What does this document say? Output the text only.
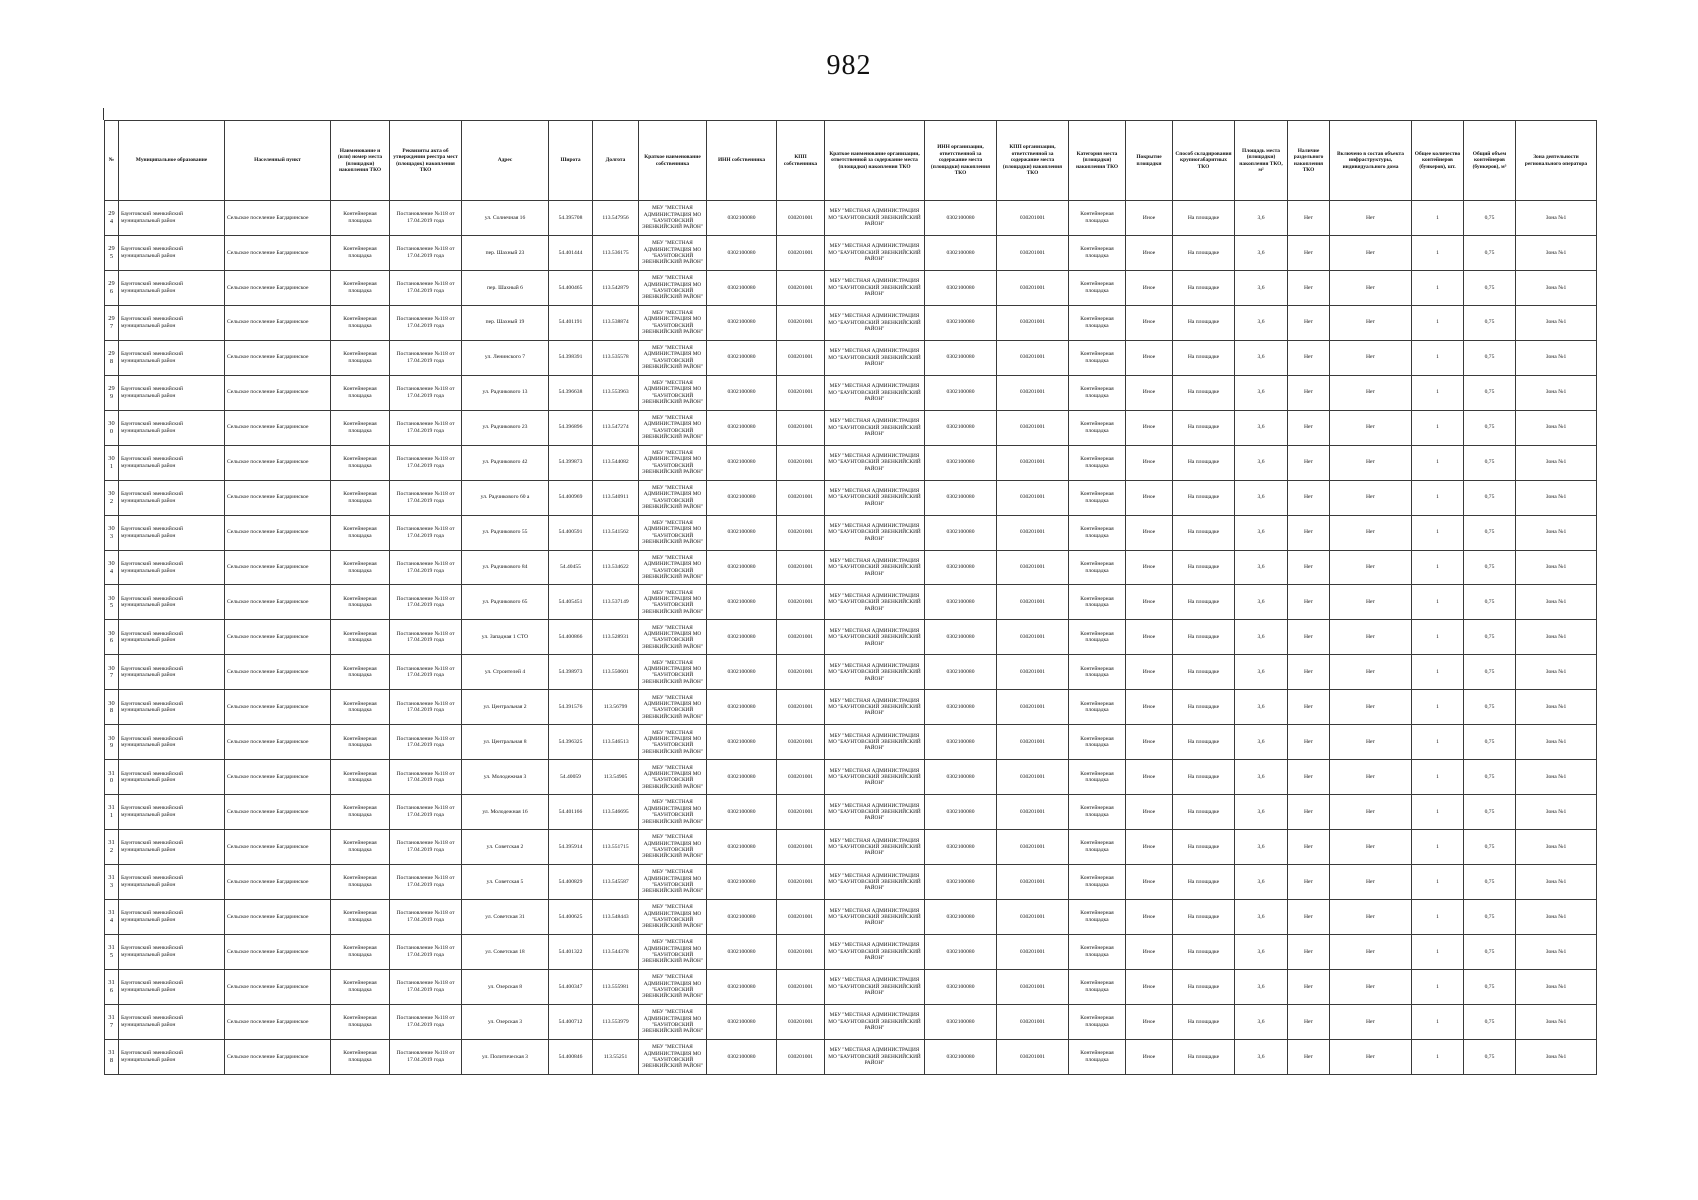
982
№	Муниципальное образование	Населенный пункт	Наименование и (или) номер места (площадки) накопления ТКО	Реквизиты акта об утверждении реестра мест (площадок) накопления ТКО	Адрес	Широта	Долгота	Краткое наименование собственника	ИНН собственника	КПП собственника	Краткое наименование организации, ответственной за содержание места (площадки) накопления ТКО	ИНН организации, ответственной за содержание места (площадки) накопления ТКО	КПП организации, ответственной за содержание места (площадки) накопления ТКО	Категория места (площадки) накопления ТКО	Покрытие площадки	Способ складирования крупногабаритных ТКО	Площадь места (площадки) накопления ТКО, м²	Наличие раздельного накопления ТКО	Включено в состав объекта инфраструктуры, индивидуального дома	Общее количество контейнеров (бункеров), шт.	Общий объем контейнеров (бункеров), м³	Зона деятельности регионального оператора
294	Баунтовский эвенкийский муниципальный район	Сельское поселение Багдаринское	Контейнерная площадка	Постановление №118 от 17.04.2019 года	ул. Солнечная 16	54.395708	113.547956	МБУ "МЕСТНАЯ АДМИНИСТРАЦИЯ МО "БАУНТОВСКИЙ ЭВЕНКИЙСКИЙ РАЙОН"	0302100080	030201001	МБУ "МЕСТНАЯ АДМИНИСТРАЦИЯ МО "БАУНТОВСКИЙ ЭВЕНКИЙСКИЙ РАЙОН"	0302100080	030201001	Контейнерная площадка	Иное	На площадке	3,6	Нет	Нет	1	0,75	Зона №1
295	Баунтовский эвенкийский муниципальный район	Сельское поселение Багдаринское	Контейнерная площадка	Постановление №118 от 17.04.2019 года	пер. Шахный 23	54.401444	113.536175	МБУ "МЕСТНАЯ АДМИНИСТРАЦИЯ МО "БАУНТОВСКИЙ ЭВЕНКИЙСКИЙ РАЙОН"	0302100080	030201001	МБУ "МЕСТНАЯ АДМИНИСТРАЦИЯ МО "БАУНТОВСКИЙ ЭВЕНКИЙСКИЙ РАЙОН"	0302100080	030201001	Контейнерная площадка	Иное	На площадке	3,6	Нет	Нет	1	0,75	Зона №1
296	Баунтовский эвенкийский муниципальный район	Сельское поселение Багдаринское	Контейнерная площадка	Постановление №118 от 17.04.2019 года	пер. Шахный 6	54.400465	113.542879	МБУ "МЕСТНАЯ АДМИНИСТРАЦИЯ МО "БАУНТОВСКИЙ ЭВЕНКИЙСКИЙ РАЙОН"	0302100080	030201001	МБУ "МЕСТНАЯ АДМИНИСТРАЦИЯ МО "БАУНТОВСКИЙ ЭВЕНКИЙСКИЙ РАЙОН"	0302100080	030201001	Контейнерная площадка	Иное	На площадке	3,6	Нет	Нет	1	0,75	Зона №1
297	Баунтовский эвенкийский муниципальный район	Сельское поселение Багдаринское	Контейнерная площадка	Постановление №118 от 17.04.2019 года	пер. Шахный 19	54.401191	113.538874	МБУ "МЕСТНАЯ АДМИНИСТРАЦИЯ МО "БАУНТОВСКИЙ ЭВЕНКИЙСКИЙ РАЙОН"	0302100080	030201001	МБУ "МЕСТНАЯ АДМИНИСТРАЦИЯ МО "БАУНТОВСКИЙ ЭВЕНКИЙСКИЙ РАЙОН"	0302100080	030201001	Контейнерная площадка	Иное	На площадке	3,6	Нет	Нет	1	0,75	Зона №1
298	Баунтовский эвенкийский муниципальный район	Сельское поселение Багдаринское	Контейнерная площадка	Постановление №118 от 17.04.2019 года	ул. Ленинского 7	54.398391	113.535578	МБУ "МЕСТНАЯ АДМИНИСТРАЦИЯ МО "БАУНТОВСКИЙ ЭВЕНКИЙСКИЙ РАЙОН"	0302100080	030201001	МБУ "МЕСТНАЯ АДМИНИСТРАЦИЯ МО "БАУНТОВСКИЙ ЭВЕНКИЙСКИЙ РАЙОН"	0302100080	030201001	Контейнерная площадка	Иное	На площадке	3,6	Нет	Нет	1	0,75	Зона №1
299	Баунтовский эвенкийский муниципальный район	Сельское поселение Багдаринское	Контейнерная площадка	Постановление №118 от 17.04.2019 года	ул. Радчикового 13	54.396638	113.553963	МБУ "МЕСТНАЯ АДМИНИСТРАЦИЯ МО "БАУНТОВСКИЙ ЭВЕНКИЙСКИЙ РАЙОН"	0302100080	030201001	МБУ "МЕСТНАЯ АДМИНИСТРАЦИЯ МО "БАУНТОВСКИЙ ЭВЕНКИЙСКИЙ РАЙОН"	0302100080	030201001	Контейнерная площадка	Иное	На площадке	3,6	Нет	Нет	1	0,75	Зона №1
300	Баунтовский эвенкийский муниципальный район	Сельское поселение Багдаринское	Контейнерная площадка	Постановление №118 от 17.04.2019 года	ул. Радчикового 23	54.396896	113.547274	МБУ "МЕСТНАЯ АДМИНИСТРАЦИЯ МО "БАУНТОВСКИЙ ЭВЕНКИЙСКИЙ РАЙОН"	0302100080	030201001	МБУ "МЕСТНАЯ АДМИНИСТРАЦИЯ МО "БАУНТОВСКИЙ ЭВЕНКИЙСКИЙ РАЙОН"	0302100080	030201001	Контейнерная площадка	Иное	На площадке	3,6	Нет	Нет	1	0,75	Зона №1
301	Баунтовский эвенкийский муниципальный район	Сельское поселение Багдаринское	Контейнерная площадка	Постановление №118 от 17.04.2019 года	ул. Радчикового 42	54.399873	113.544082	МБУ "МЕСТНАЯ АДМИНИСТРАЦИЯ МО "БАУНТОВСКИЙ ЭВЕНКИЙСКИЙ РАЙОН"	0302100080	030201001	МБУ "МЕСТНАЯ АДМИНИСТРАЦИЯ МО "БАУНТОВСКИЙ ЭВЕНКИЙСКИЙ РАЙОН"	0302100080	030201001	Контейнерная площадка	Иное	На площадке	3,6	Нет	Нет	1	0,75	Зона №1
302	Баунтовский эвенкийский муниципальный район	Сельское поселение Багдаринское	Контейнерная площадка	Постановление №118 от 17.04.2019 года	ул. Радчикового 60 а	54.400969	113.540911	МБУ "МЕСТНАЯ АДМИНИСТРАЦИЯ МО "БАУНТОВСКИЙ ЭВЕНКИЙСКИЙ РАЙОН"	0302100080	030201001	МБУ "МЕСТНАЯ АДМИНИСТРАЦИЯ МО "БАУНТОВСКИЙ ЭВЕНКИЙСКИЙ РАЙОН"	0302100080	030201001	Контейнерная площадка	Иное	На площадке	3,6	Нет	Нет	1	0,75	Зона №1
303	Баунтовский эвенкийский муниципальный район	Сельское поселение Багдаринское	Контейнерная площадка	Постановление №118 от 17.04.2019 года	ул. Радчикового 55	54.400591	113.541562	МБУ "МЕСТНАЯ АДМИНИСТРАЦИЯ МО "БАУНТОВСКИЙ ЭВЕНКИЙСКИЙ РАЙОН"	0302100080	030201001	МБУ "МЕСТНАЯ АДМИНИСТРАЦИЯ МО "БАУНТОВСКИЙ ЭВЕНКИЙСКИЙ РАЙОН"	0302100080	030201001	Контейнерная площадка	Иное	На площадке	3,6	Нет	Нет	1	0,75	Зона №1
304	Баунтовский эвенкийский муниципальный район	Сельское поселение Багдаринское	Контейнерная площадка	Постановление №118 от 17.04.2019 года	ул. Радчикового 84	54.40455	113.534622	МБУ "МЕСТНАЯ АДМИНИСТРАЦИЯ МО "БАУНТОВСКИЙ ЭВЕНКИЙСКИЙ РАЙОН"	0302100080	030201001	МБУ "МЕСТНАЯ АДМИНИСТРАЦИЯ МО "БАУНТОВСКИЙ ЭВЕНКИЙСКИЙ РАЙОН"	0302100080	030201001	Контейнерная площадка	Иное	На площадке	3,6	Нет	Нет	1	0,75	Зона №1
305	Баунтовский эвенкийский муниципальный район	Сельское поселение Багдаринское	Контейнерная площадка	Постановление №118 от 17.04.2019 года	ул. Радчикового 65	54.405451	113.537149	МБУ "МЕСТНАЯ АДМИНИСТРАЦИЯ МО "БАУНТОВСКИЙ ЭВЕНКИЙСКИЙ РАЙОН"	0302100080	030201001	МБУ "МЕСТНАЯ АДМИНИСТРАЦИЯ МО "БАУНТОВСКИЙ ЭВЕНКИЙСКИЙ РАЙОН"	0302100080	030201001	Контейнерная площадка	Иное	На площадке	3,6	Нет	Нет	1	0,75	Зона №1
306	Баунтовский эвенкийский муниципальный район	Сельское поселение Багдаринское	Контейнерная площадка	Постановление №118 от 17.04.2019 года	ул. Западная 1 СТО	54.400866	113.528931	МБУ "МЕСТНАЯ АДМИНИСТРАЦИЯ МО "БАУНТОВСКИЙ ЭВЕНКИЙСКИЙ РАЙОН"	0302100080	030201001	МБУ "МЕСТНАЯ АДМИНИСТРАЦИЯ МО "БАУНТОВСКИЙ ЭВЕНКИЙСКИЙ РАЙОН"	0302100080	030201001	Контейнерная площадка	Иное	На площадке	3,6	Нет	Нет	1	0,75	Зона №1
307	Баунтовский эвенкийский муниципальный район	Сельское поселение Багдаринское	Контейнерная площадка	Постановление №118 от 17.04.2019 года	ул. Строителей 4	54.398973	113.550601	МБУ "МЕСТНАЯ АДМИНИСТРАЦИЯ МО "БАУНТОВСКИЙ ЭВЕНКИЙСКИЙ РАЙОН"	0302100080	030201001	МБУ "МЕСТНАЯ АДМИНИСТРАЦИЯ МО "БАУНТОВСКИЙ ЭВЕНКИЙСКИЙ РАЙОН"	0302100080	030201001	Контейнерная площадка	Иное	На площадке	3,6	Нет	Нет	1	0,75	Зона №1
308	Баунтовский эвенкийский муниципальный район	Сельское поселение Багдаринское	Контейнерная площадка	Постановление №118 от 17.04.2019 года	ул. Центральная 2	54.391576	113.56799	МБУ "МЕСТНАЯ АДМИНИСТРАЦИЯ МО "БАУНТОВСКИЙ ЭВЕНКИЙСКИЙ РАЙОН"	0302100080	030201001	МБУ "МЕСТНАЯ АДМИНИСТРАЦИЯ МО "БАУНТОВСКИЙ ЭВЕНКИЙСКИЙ РАЙОН"	0302100080	030201001	Контейнерная площадка	Иное	На площадке	3,6	Нет	Нет	1	0,75	Зона №1
309	Баунтовский эвенкийский муниципальный район	Сельское поселение Багдаринское	Контейнерная площадка	Постановление №118 от 17.04.2019 года	ул. Центральная 8	54.396325	113.546513	МБУ "МЕСТНАЯ АДМИНИСТРАЦИЯ МО "БАУНТОВСКИЙ ЭВЕНКИЙСКИЙ РАЙОН"	0302100080	030201001	МБУ "МЕСТНАЯ АДМИНИСТРАЦИЯ МО "БАУНТОВСКИЙ ЭВЕНКИЙСКИЙ РАЙОН"	0302100080	030201001	Контейнерная площадка	Иное	На площадке	3,6	Нет	Нет	1	0,75	Зона №1
310	Баунтовский эвенкийский муниципальный район	Сельское поселение Багдаринское	Контейнерная площадка	Постановление №118 от 17.04.2019 года	ул. Молодежная 3	54.40059	113.54905	МБУ "МЕСТНАЯ АДМИНИСТРАЦИЯ МО "БАУНТОВСКИЙ ЭВЕНКИЙСКИЙ РАЙОН"	0302100080	030201001	МБУ "МЕСТНАЯ АДМИНИСТРАЦИЯ МО "БАУНТОВСКИЙ ЭВЕНКИЙСКИЙ РАЙОН"	0302100080	030201001	Контейнерная площадка	Иное	На площадке	3,6	Нет	Нет	1	0,75	Зона №1
311	Баунтовский эвенкийский муниципальный район	Сельское поселение Багдаринское	Контейнерная площадка	Постановление №118 от 17.04.2019 года	ул. Молодежная 16	54.401166	113.546695	МБУ "МЕСТНАЯ АДМИНИСТРАЦИЯ МО "БАУНТОВСКИЙ ЭВЕНКИЙСКИЙ РАЙОН"	0302100080	030201001	МБУ "МЕСТНАЯ АДМИНИСТРАЦИЯ МО "БАУНТОВСКИЙ ЭВЕНКИЙСКИЙ РАЙОН"	0302100080	030201001	Контейнерная площадка	Иное	На площадке	3,6	Нет	Нет	1	0,75	Зона №1
312	Баунтовский эвенкийский муниципальный район	Сельское поселение Багдаринское	Контейнерная площадка	Постановление №118 от 17.04.2019 года	ул. Советская 2	54.395914	113.551715	МБУ "МЕСТНАЯ АДМИНИСТРАЦИЯ МО "БАУНТОВСКИЙ ЭВЕНКИЙСКИЙ РАЙОН"	0302100080	030201001	МБУ "МЕСТНАЯ АДМИНИСТРАЦИЯ МО "БАУНТОВСКИЙ ЭВЕНКИЙСКИЙ РАЙОН"	0302100080	030201001	Контейнерная площадка	Иное	На площадке	3,6	Нет	Нет	1	0,75	Зона №1
313	Баунтовский эвенкийский муниципальный район	Сельское поселение Багдаринское	Контейнерная площадка	Постановление №118 от 17.04.2019 года	ул. Советская 5	54.400829	113.545587	МБУ "МЕСТНАЯ АДМИНИСТРАЦИЯ МО "БАУНТОВСКИЙ ЭВЕНКИЙСКИЙ РАЙОН"	0302100080	030201001	МБУ "МЕСТНАЯ АДМИНИСТРАЦИЯ МО "БАУНТОВСКИЙ ЭВЕНКИЙСКИЙ РАЙОН"	0302100080	030201001	Контейнерная площадка	Иное	На площадке	3,6	Нет	Нет	1	0,75	Зона №1
314	Баунтовский эвенкийский муниципальный район	Сельское поселение Багдаринское	Контейнерная площадка	Постановление №118 от 17.04.2019 года	ул. Советская 31	54.400625	113.548443	МБУ "МЕСТНАЯ АДМИНИСТРАЦИЯ МО "БАУНТОВСКИЙ ЭВЕНКИЙСКИЙ РАЙОН"	0302100080	030201001	МБУ "МЕСТНАЯ АДМИНИСТРАЦИЯ МО "БАУНТОВСКИЙ ЭВЕНКИЙСКИЙ РАЙОН"	0302100080	030201001	Контейнерная площадка	Иное	На площадке	3,6	Нет	Нет	1	0,75	Зона №1
315	Баунтовский эвенкийский муниципальный район	Сельское поселение Багдаринское	Контейнерная площадка	Постановление №118 от 17.04.2019 года	ул. Советская 18	54.401322	113.544378	МБУ "МЕСТНАЯ АДМИНИСТРАЦИЯ МО "БАУНТОВСКИЙ ЭВЕНКИЙСКИЙ РАЙОН"	0302100080	030201001	МБУ "МЕСТНАЯ АДМИНИСТРАЦИЯ МО "БАУНТОВСКИЙ ЭВЕНКИЙСКИЙ РАЙОН"	0302100080	030201001	Контейнерная площадка	Иное	На площадке	3,6	Нет	Нет	1	0,75	Зона №1
316	Баунтовский эвенкийский муниципальный район	Сельское поселение Багдаринское	Контейнерная площадка	Постановление №118 от 17.04.2019 года	ул. Озерская 8	54.400347	113.555981	МБУ "МЕСТНАЯ АДМИНИСТРАЦИЯ МО "БАУНТОВСКИЙ ЭВЕНКИЙСКИЙ РАЙОН"	0302100080	030201001	МБУ "МЕСТНАЯ АДМИНИСТРАЦИЯ МО "БАУНТОВСКИЙ ЭВЕНКИЙСКИЙ РАЙОН"	0302100080	030201001	Контейнерная площадка	Иное	На площадке	3,6	Нет	Нет	1	0,75	Зона №1
317	Баунтовский эвенкийский муниципальный район	Сельское поселение Багдаринское	Контейнерная площадка	Постановление №118 от 17.04.2019 года	ул. Озерская 3	54.400712	113.553979	МБУ "МЕСТНАЯ АДМИНИСТРАЦИЯ МО "БАУНТОВСКИЙ ЭВЕНКИЙСКИЙ РАЙОН"	0302100080	030201001	МБУ "МЕСТНАЯ АДМИНИСТРАЦИЯ МО "БАУНТОВСКИЙ ЭВЕНКИЙСКИЙ РАЙОН"	0302100080	030201001	Контейнерная площадка	Иное	На площадке	3,6	Нет	Нет	1	0,75	Зона №1
318	Баунтовский эвенкийский муниципальный район	Сельское поселение Багдаринское	Контейнерная площадка	Постановление №118 от 17.04.2019 года	ул. Политическая 3	54.400846	113.55251	МБУ "МЕСТНАЯ АДМИНИСТРАЦИЯ МО "БАУНТОВСКИЙ ЭВЕНКИЙСКИЙ РАЙОН"	0302100080	030201001	МБУ "МЕСТНАЯ АДМИНИСТРАЦИЯ МО "БАУНТОВСКИЙ ЭВЕНКИЙСКИЙ РАЙОН"	0302100080	030201001	Контейнерная площадка	Иное	На площадке	3,6	Нет	Нет	1	0,75	Зона №1
